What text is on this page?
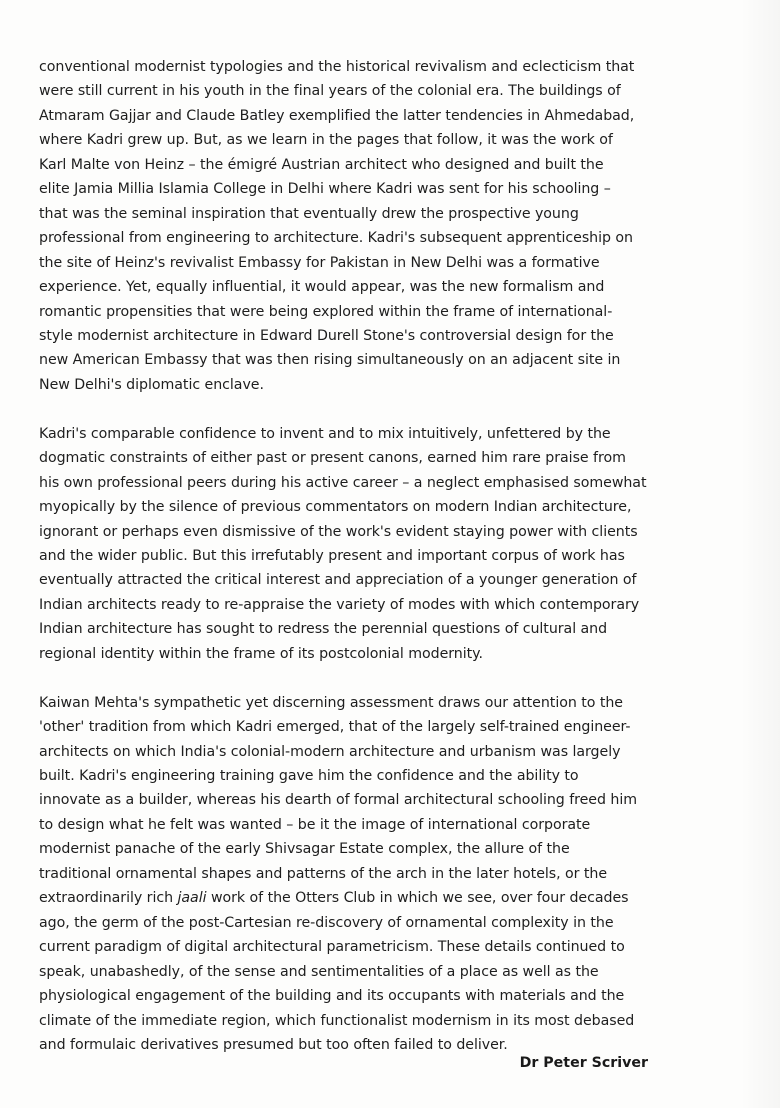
conventional modernist typologies and the historical revivalism and eclecticism that
were still current in his youth in the final years of the colonial era. The buildings of
Atmaram Gajjar and Claude Batley exemplified the latter tendencies in Ahmedabad,
where Kadri grew up. But, as we learn in the pages that follow, it was the work of
Karl Malte von Heinz – the émigré Austrian architect who designed and built the
elite Jamia Millia Islamia College in Delhi where Kadri was sent for his schooling –
that was the seminal inspiration that eventually drew the prospective young
professional from engineering to architecture. Kadri's subsequent apprenticeship on
the site of Heinz's revivalist Embassy for Pakistan in New Delhi was a formative
experience. Yet, equally influential, it would appear, was the new formalism and
romantic propensities that were being explored within the frame of international-
style modernist architecture in Edward Durell Stone's controversial design for the
new American Embassy that was then rising simultaneously on an adjacent site in
New Delhi's diplomatic enclave.

Kadri's comparable confidence to invent and to mix intuitively, unfettered by the
dogmatic constraints of either past or present canons, earned him rare praise from
his own professional peers during his active career – a neglect emphasised somewhat
myopically by the silence of previous commentators on modern Indian architecture,
ignorant or perhaps even dismissive of the work's evident staying power with clients
and the wider public. But this irrefutably present and important corpus of work has
eventually attracted the critical interest and appreciation of a younger generation of
Indian architects ready to re-appraise the variety of modes with which contemporary
Indian architecture has sought to redress the perennial questions of cultural and
regional identity within the frame of its postcolonial modernity.

Kaiwan Mehta's sympathetic yet discerning assessment draws our attention to the
'other' tradition from which Kadri emerged, that of the largely self-trained engineer-
architects on which India's colonial-modern architecture and urbanism was largely
built. Kadri's engineering training gave him the confidence and the ability to
innovate as a builder, whereas his dearth of formal architectural schooling freed him
to design what he felt was wanted – be it the image of international corporate
modernist panache of the early Shivsagar Estate complex, the allure of the
traditional ornamental shapes and patterns of the arch in the later hotels, or the
extraordinarily rich jaali work of the Otters Club in which we see, over four decades
ago, the germ of the post-Cartesian re-discovery of ornamental complexity in the
current paradigm of digital architectural parametricism. These details continued to
speak, unabashedly, of the sense and sentimentalities of a place as well as the
physiological engagement of the building and its occupants with materials and the
climate of the immediate region, which functionalist modernism in its most debased
and formulaic derivatives presumed but too often failed to deliver.

Dr Peter Scriver
